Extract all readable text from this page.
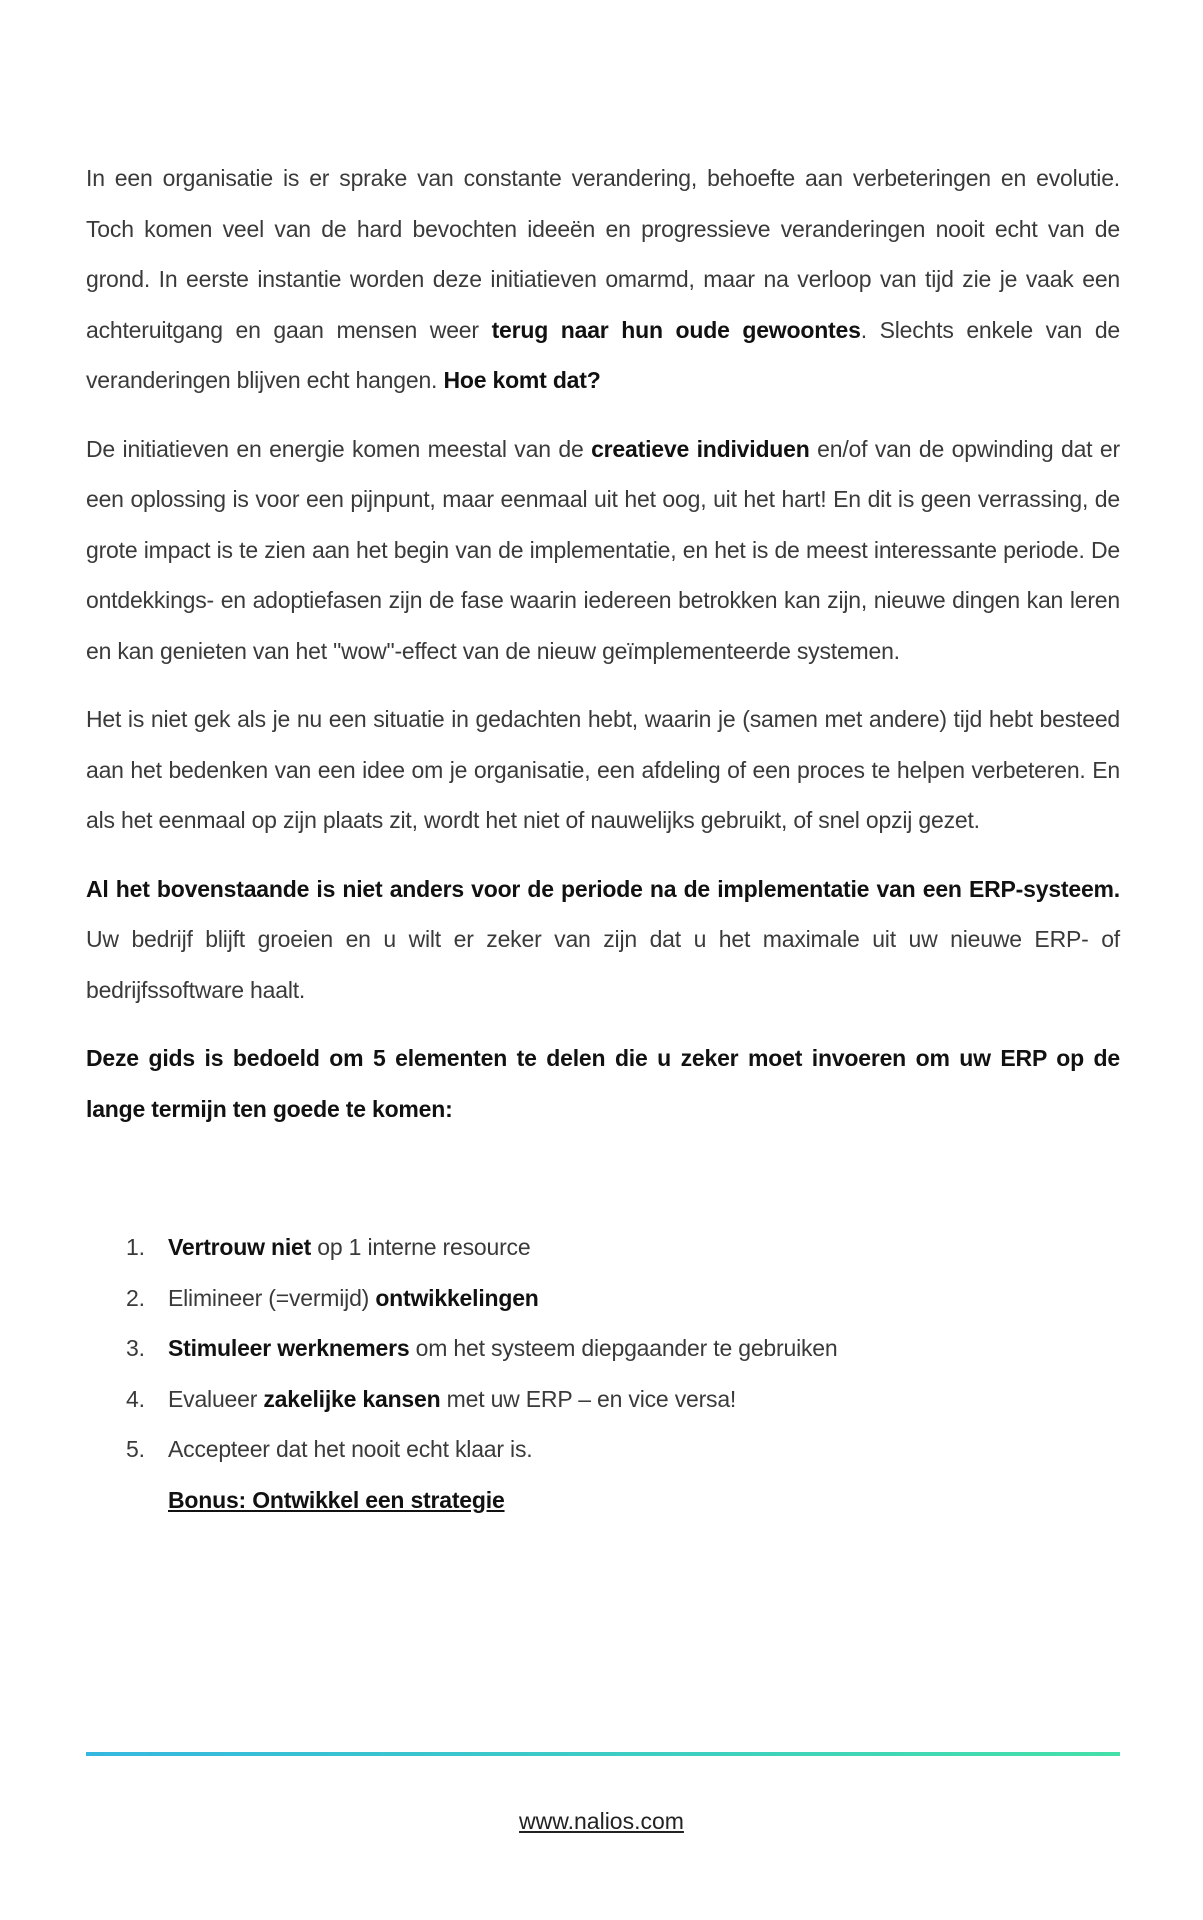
In een organisatie is er sprake van constante verandering, behoefte aan verbeteringen en evolutie. Toch komen veel van de hard bevochten ideeën en progressieve veranderingen nooit echt van de grond. In eerste instantie worden deze initiatieven omarmd, maar na verloop van tijd zie je vaak een achteruitgang en gaan mensen weer terug naar hun oude gewoontes. Slechts enkele van de veranderingen blijven echt hangen. Hoe komt dat?

De initiatieven en energie komen meestal van de creatieve individuen en/of van de opwinding dat er een oplossing is voor een pijnpunt, maar eenmaal uit het oog, uit het hart! En dit is geen verrassing, de grote impact is te zien aan het begin van de implementatie, en het is de meest interessante periode. De ontdekkings- en adoptiefasen zijn de fase waarin iedereen betrokken kan zijn, nieuwe dingen kan leren en kan genieten van het "wow"-effect van de nieuw geïmplementeerde systemen.

Het is niet gek als je nu een situatie in gedachten hebt, waarin je (samen met andere) tijd hebt besteed aan het bedenken van een idee om je organisatie, een afdeling of een proces te helpen verbeteren. En als het eenmaal op zijn plaats zit, wordt het niet of nauwelijks gebruikt, of snel opzij gezet.

Al het bovenstaande is niet anders voor de periode na de implementatie van een ERP-systeem. Uw bedrijf blijft groeien en u wilt er zeker van zijn dat u het maximale uit uw nieuwe ERP- of bedrijfssoftware haalt.

Deze gids is bedoeld om 5 elementen te delen die u zeker moet invoeren om uw ERP op de lange termijn ten goede te komen:

1. Vertrouw niet op 1 interne resource
2. Elimineer (=vermijd) ontwikkelingen
3. Stimuleer werknemers om het systeem diepgaander te gebruiken
4. Evalueer zakelijke kansen met uw ERP – en vice versa!
5. Accepteer dat het nooit echt klaar is.
Bonus: Ontwikkel een strategie
www.nalios.com
